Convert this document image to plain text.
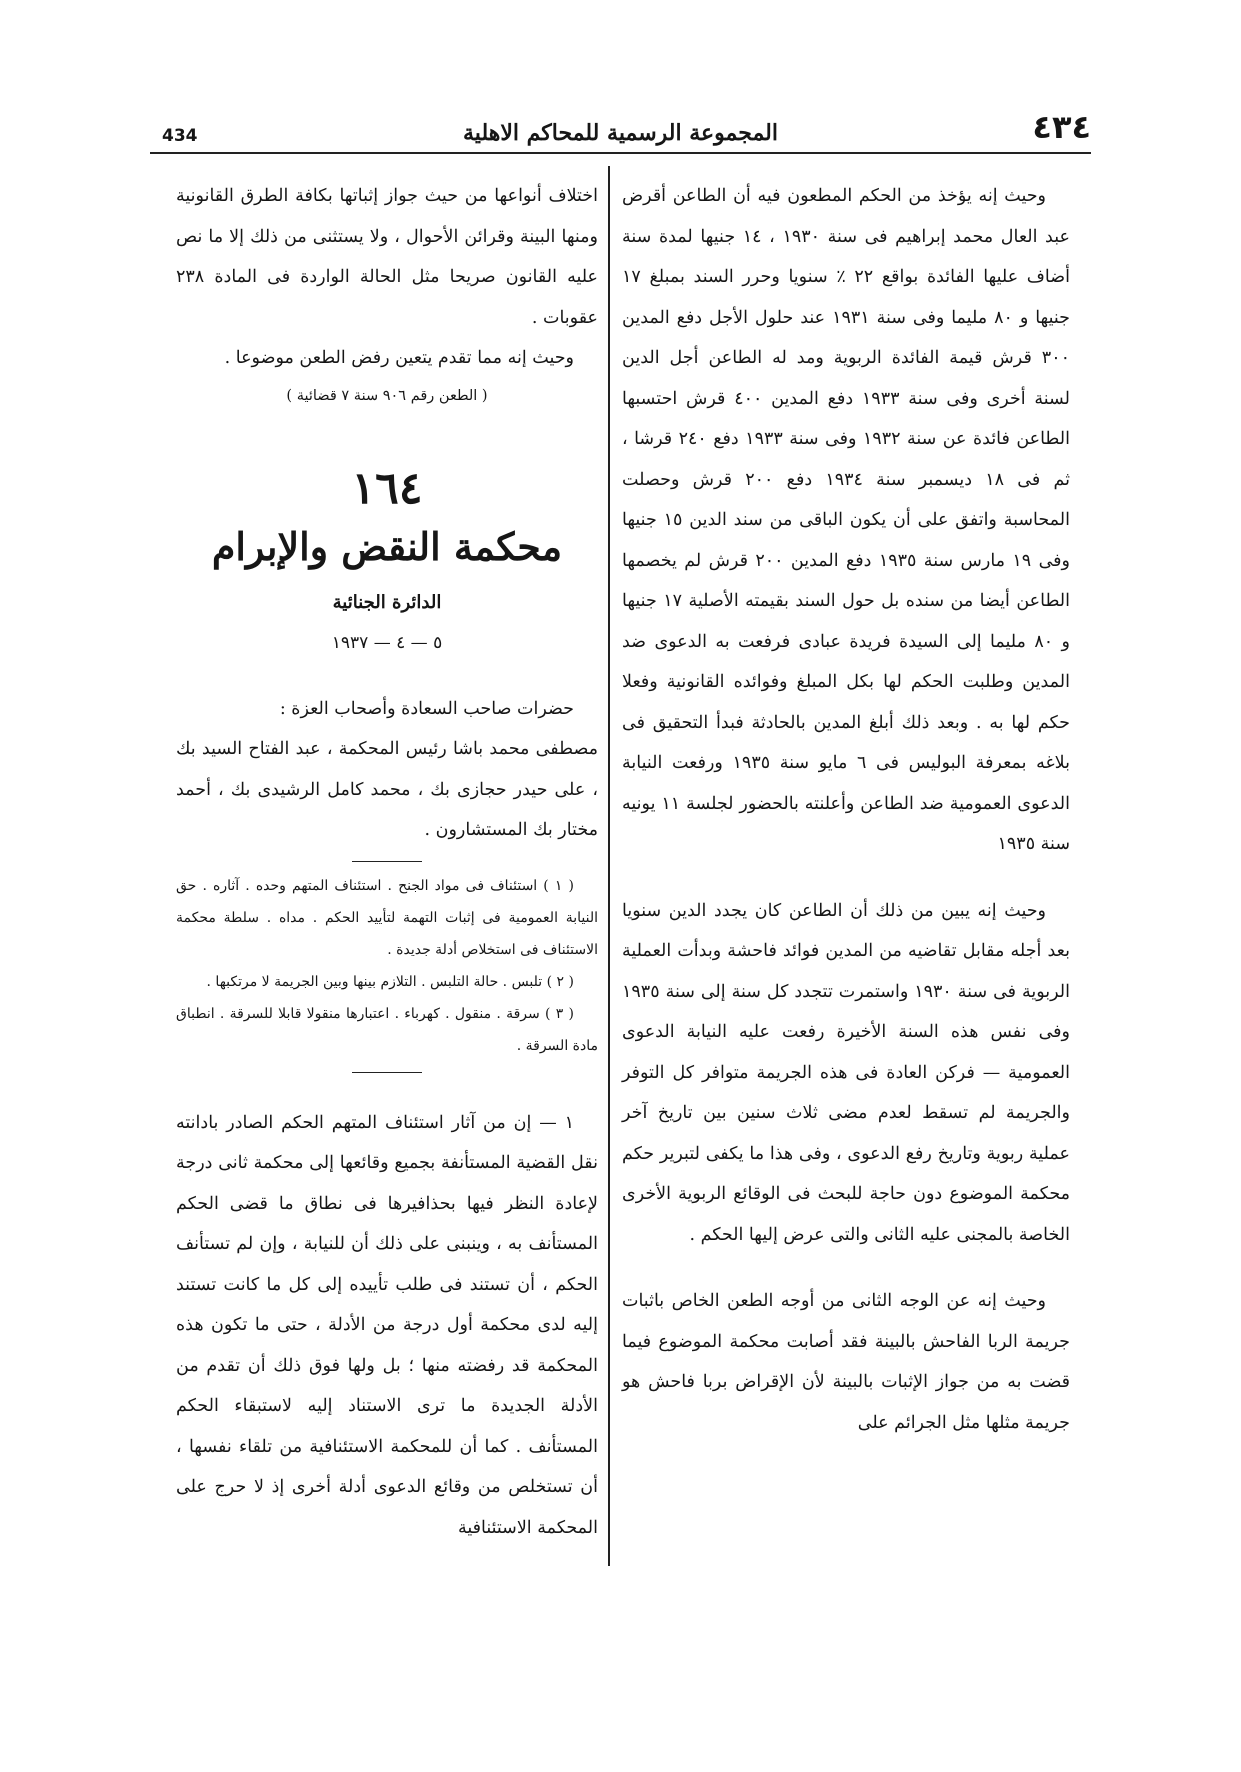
٤٣٤
المجموعة الرسمية للمحاكم الاهلية
434

وحيث إنه يؤخذ من الحكم المطعون فيه أن الطاعن أقرض عبد العال محمد إبراهيم فى سنة ١٩٣٠ ، ١٤ جنيها لمدة سنة أضاف عليها الفائدة بواقع ٢٢ ٪ سنويا وحرر السند بمبلغ ١٧ جنيها و ٨٠ مليما وفى سنة ١٩٣١ عند حلول الأجل دفع المدين ٣٠٠ قرش قيمة الفائدة الربوية ومد له الطاعن أجل الدين لسنة أخرى وفى سنة ١٩٣٣ دفع المدين ٤٠٠ قرش احتسبها الطاعن فائدة عن سنة ١٩٣٢ وفى سنة ١٩٣٣ دفع ٢٤٠ قرشا ، ثم فى ١٨ ديسمبر سنة ١٩٣٤ دفع ٢٠٠ قرش وحصلت المحاسبة واتفق على أن يكون الباقى من سند الدين ١٥ جنيها وفى ١٩ مارس سنة ١٩٣٥ دفع المدين ٢٠٠ قرش لم يخصمها الطاعن أيضا من سنده بل حول السند بقيمته الأصلية ١٧ جنيها و ٨٠ مليما إلى السيدة فريدة عبادى فرفعت به الدعوى ضد المدين وطلبت الحكم لها بكل المبلغ وفوائده القانونية وفعلا حكم لها به . وبعد ذلك أبلغ المدين بالحادثة فبدأ التحقيق فى بلاغه بمعرفة البوليس فى ٦ مايو سنة ١٩٣٥ ورفعت النيابة الدعوى العمومية ضد الطاعن وأعلنته بالحضور لجلسة ١١ يونيه سنة ١٩٣٥

وحيث إنه يبين من ذلك أن الطاعن كان يجدد الدين سنويا بعد أجله مقابل تقاضيه من المدين فوائد فاحشة وبدأت العملية الربوية فى سنة ١٩٣٠ واستمرت تتجدد كل سنة إلى سنة ١٩٣٥ وفى نفس هذه السنة الأخيرة رفعت عليه النيابة الدعوى العمومية — فركن العادة فى هذه الجريمة متوافر كل التوفر والجريمة لم تسقط لعدم مضى ثلاث سنين بين تاريخ آخر عملية ربوية وتاريخ رفع الدعوى ، وفى هذا ما يكفى لتبرير حكم محكمة الموضوع دون حاجة للبحث فى الوقائع الربوية الأخرى الخاصة بالمجنى عليه الثانى والتى عرض إليها الحكم .

وحيث إنه عن الوجه الثانى من أوجه الطعن الخاص باثبات جريمة الربا الفاحش بالبينة فقد أصابت محكمة الموضوع فيما قضت به من جواز الإثبات بالبينة لأن الإقراض بربا فاحش هو جريمة مثلها مثل الجرائم على

اختلاف أنواعها من حيث جواز إثباتها بكافة الطرق القانونية ومنها البينة وقرائن الأحوال ، ولا يستثنى من ذلك إلا ما نص عليه القانون صريحا مثل الحالة الواردة فى المادة ٢٣٨ عقوبات .

وحيث إنه مما تقدم يتعين رفض الطعن موضوعا .

( الطعن رقم ٩٠٦ سنة ٧ قضائية )

١٦٤

محكمة النقض والإبرام

الدائرة الجنائية

٥ — ٤ — ١٩٣٧

حضرات صاحب السعادة وأصحاب العزة :

مصطفى محمد باشا رئيس المحكمة ، عبد الفتاح السيد بك ، على حيدر حجازى بك ، محمد كامل الرشيدى بك ، أحمد مختار بك المستشارون .

( ١ ) استئناف فى مواد الجنح . استئناف المتهم وحده . آثاره . حق النيابة العمومية فى إثبات التهمة لتأييد الحكم . مداه . سلطة محكمة الاستئناف فى استخلاص أدلة جديدة .

( ٢ ) تلبس . حالة التلبس . التلازم بينها وبين الجريمة لا مرتكبها .

( ٣ ) سرقة . منقول . كهرباء . اعتبارها منقولا قابلا للسرقة . انطباق مادة السرقة .

١ — إن من آثار استئناف المتهم الحكم الصادر بادانته نقل القضية المستأنفة بجميع وقائعها إلى محكمة ثانى درجة لإعادة النظر فيها بحذافيرها فى نطاق ما قضى الحكم المستأنف به ، وينبنى على ذلك أن للنيابة ، وإن لم تستأنف الحكم ، أن تستند فى طلب تأييده إلى كل ما كانت تستند إليه لدى محكمة أول درجة من الأدلة ، حتى ما تكون هذه المحكمة قد رفضته منها ؛ بل ولها فوق ذلك أن تقدم من الأدلة الجديدة ما ترى الاستناد إليه لاستبقاء الحكم المستأنف . كما أن للمحكمة الاستئنافية من تلقاء نفسها ، أن تستخلص من وقائع الدعوى أدلة أخرى إذ لا حرج على المحكمة الاستئنافية
